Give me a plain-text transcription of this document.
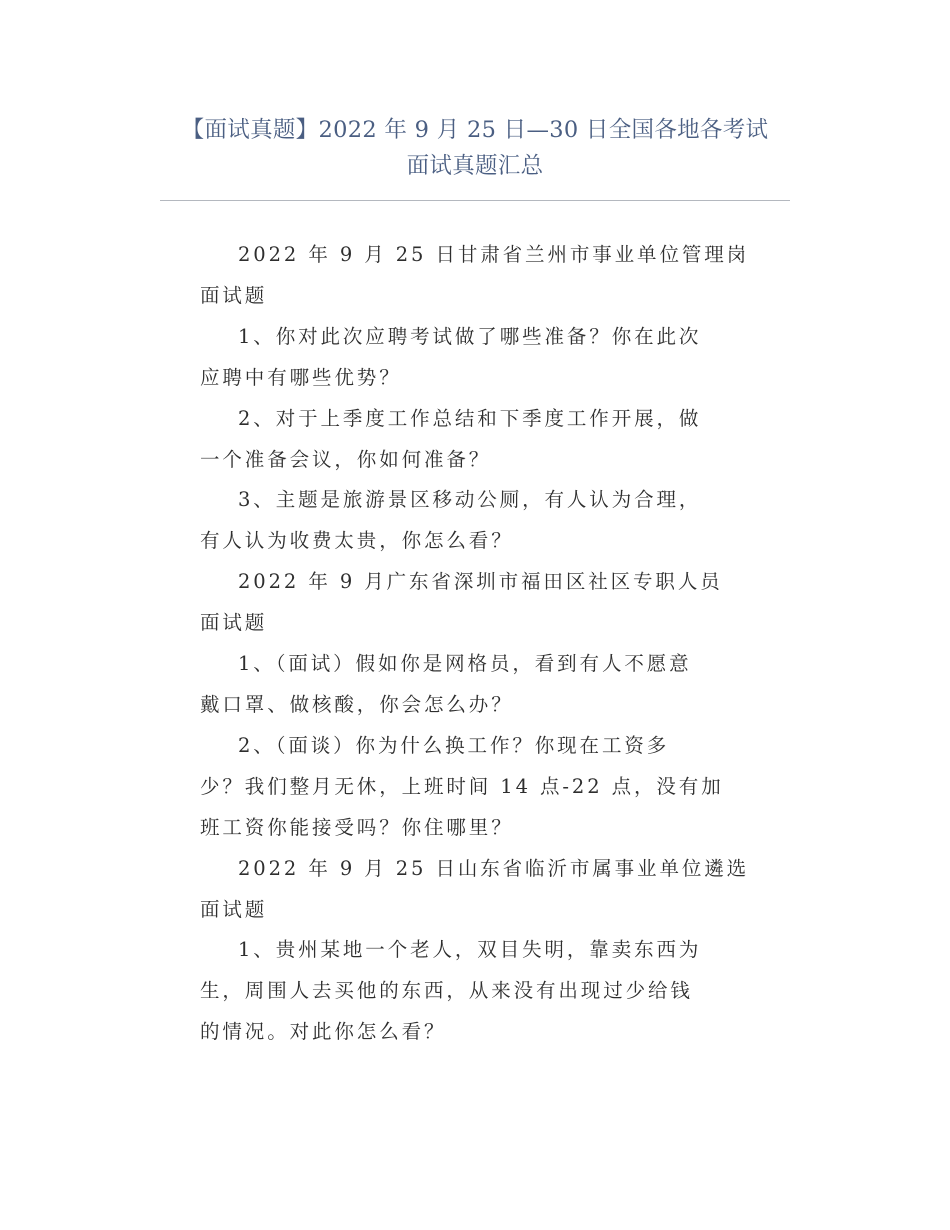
【面试真题】2022 年 9 月 25 日—30 日全国各地各考试
面试真题汇总
2022 年 9 月 25 日甘肃省兰州市事业单位管理岗
面试题
1、你对此次应聘考试做了哪些准备？你在此次
应聘中有哪些优势？
2、对于上季度工作总结和下季度工作开展，做
一个准备会议，你如何准备？
3、主题是旅游景区移动公厕，有人认为合理，
有人认为收费太贵，你怎么看？
2022 年 9 月广东省深圳市福田区社区专职人员
面试题
1、（面试）假如你是网格员，看到有人不愿意
戴口罩、做核酸，你会怎么办？
2、（面谈）你为什么换工作？你现在工资多
少？我们整月无休，上班时间 14 点-22 点，没有加
班工资你能接受吗？你住哪里？
2022 年 9 月 25 日山东省临沂市属事业单位遴选
面试题
1、贵州某地一个老人，双目失明，靠卖东西为
生，周围人去买他的东西，从来没有出现过少给钱
的情况。对此你怎么看？
